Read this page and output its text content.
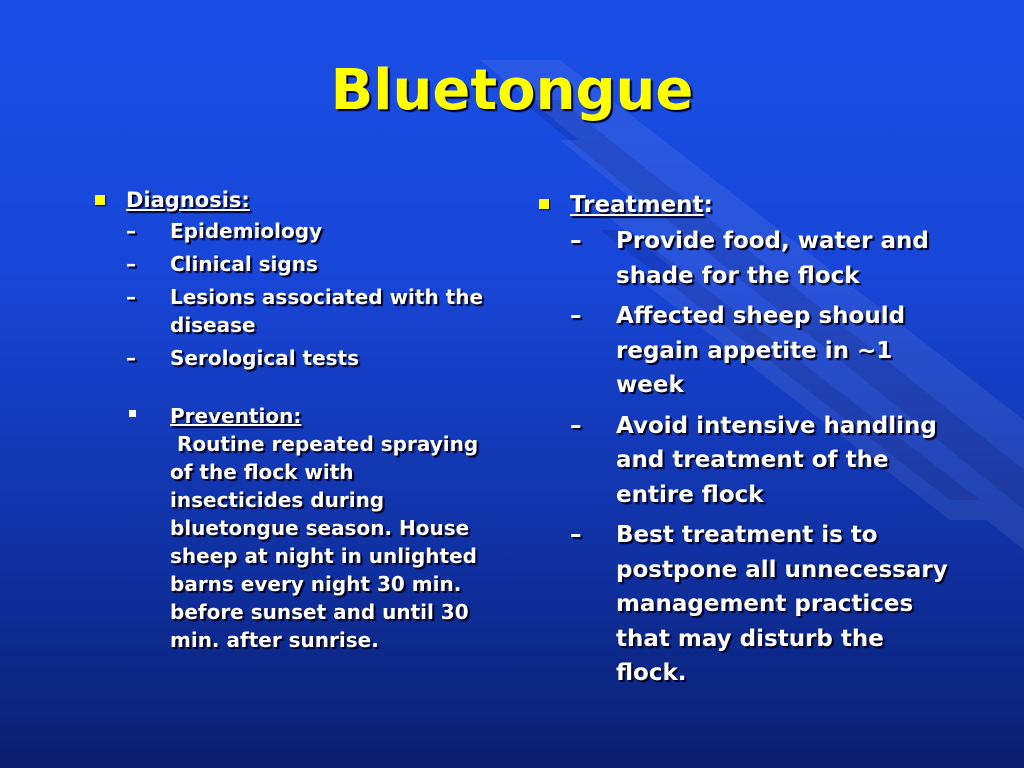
Bluetongue
Diagnosis:
– Epidemiology
– Clinical signs
– Lesions associated with the disease
– Serological tests
Prevention:
Routine repeated spraying of the flock with insecticides during bluetongue season. House sheep at night in unlighted barns every night 30 min. before sunset and until 30 min. after sunrise.
Treatment:
– Provide food, water and shade for the flock
– Affected sheep should regain appetite in ~1 week
– Avoid intensive handling and treatment of the entire flock
– Best treatment is to postpone all unnecessary management practices that may disturb the flock.
